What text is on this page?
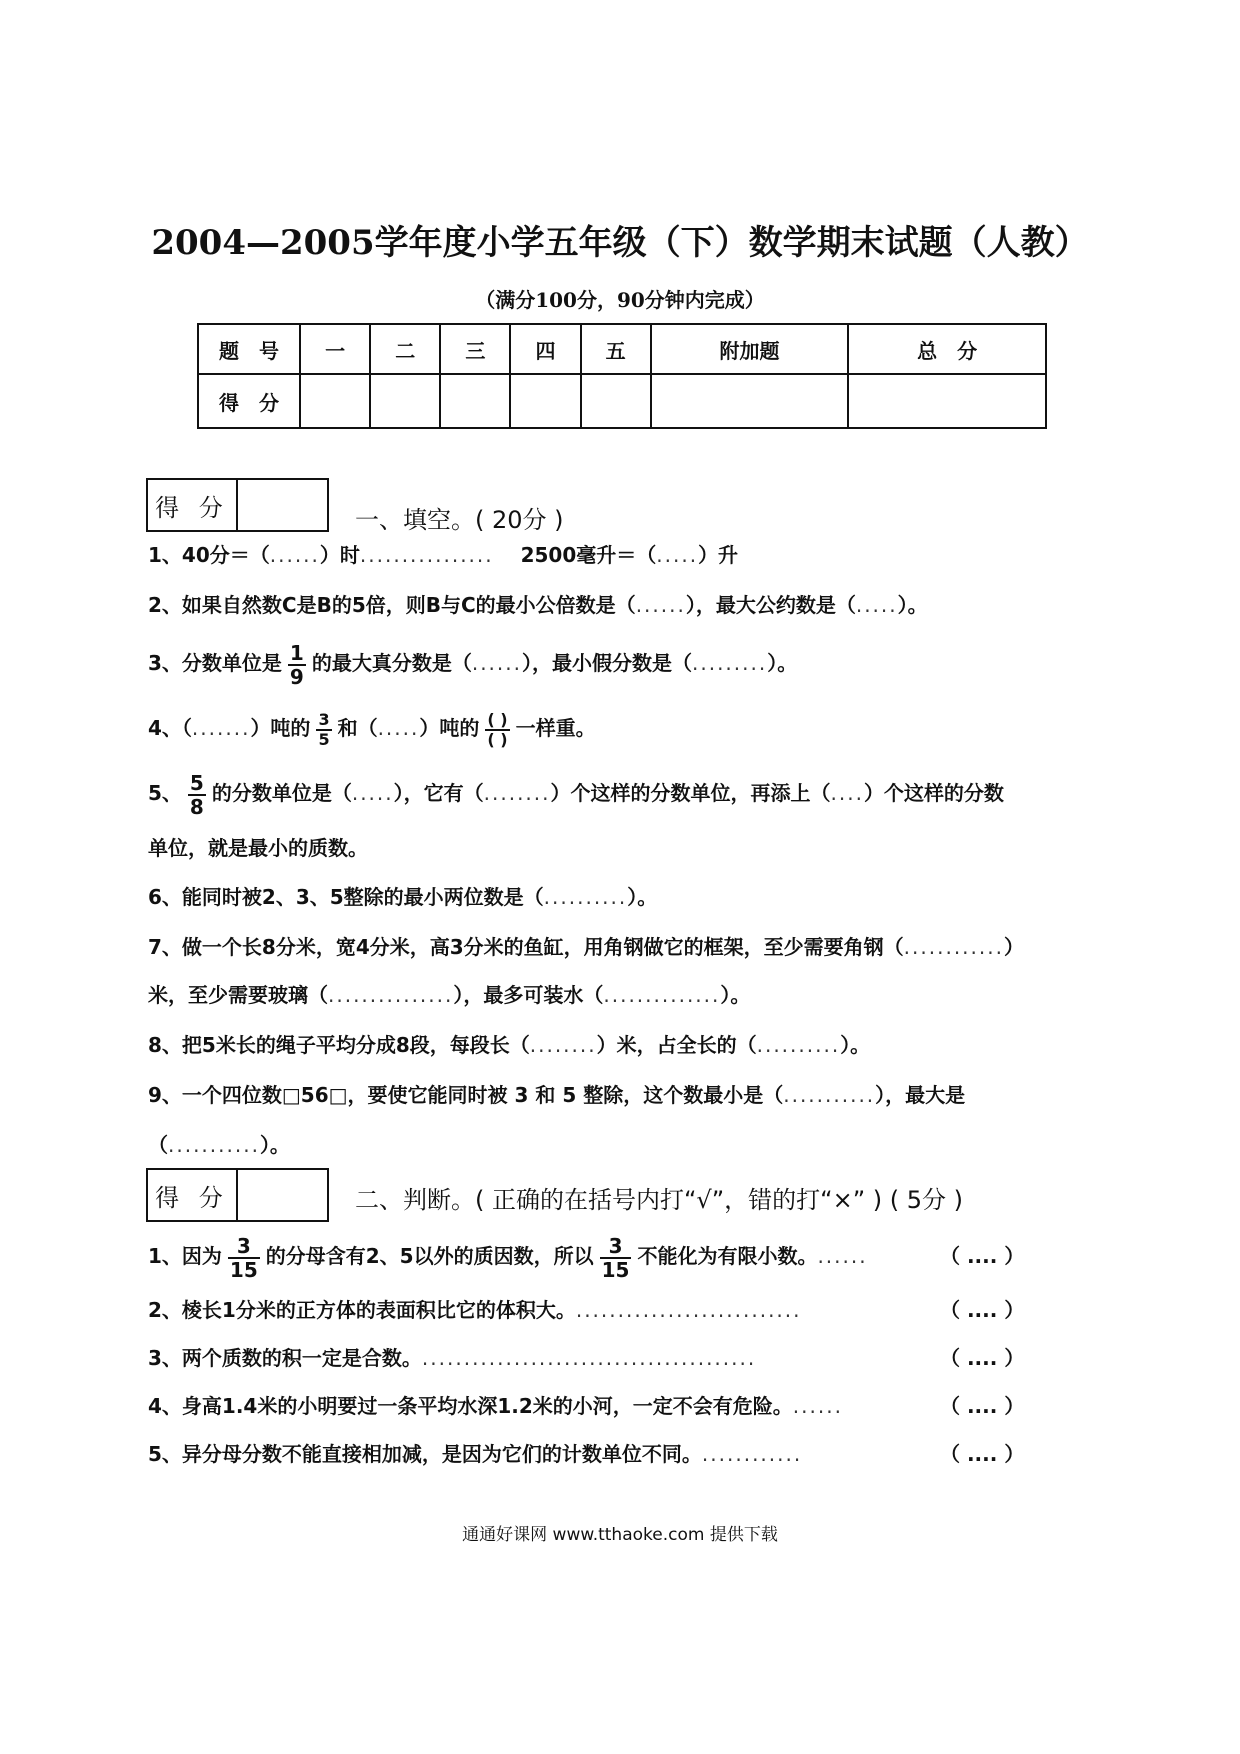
2004—2005学年度小学五年级（下）数学期末试题（人教）
（满分100分，90分钟内完成）
题　号	一	二	三	四	五	附加题	总　分
得　分							
得 分	一、填空。( 20分 )
1、40分＝（......）时................ 2500毫升＝（.....）升
2、如果自然数C是B的5倍，则B与C的最小公倍数是（......），最大公约数是（.....）。
3、分数单位是 $\frac{1}{9}$ 的最大真分数是（......），最小假分数是（.........）。
4、（.......）吨的 $\frac{3}{5}$ 和（.....）吨的 $\frac{( )}{( )}$ 一样重。
5、 $\frac{5}{8}$ 的分数单位是（.....），它有（........）个这样的分数单位，再添上（....）个这样的分数
单位，就是最小的质数。
6、能同时被2、3、5整除的最小两位数是（..........）。
7、做一个长8分米，宽4分米，高3分米的鱼缸，用角钢做它的框架，至少需要角钢（............）
米，至少需要玻璃（...............），最多可装水（..............）。
8、把5米长的绳子平均分成8段，每段长（........）米，占全长的（..........）。
9、一个四位数□56□，要使它能同时被 3 和 5 整除，这个数最小是（...........），最大是
（...........）。
得 分	二、判断。( 正确的在括号内打“√”，错的打“×” ) ( 5分 )
1、因为 $\frac{3}{15}$ 的分母含有2、5以外的质因数，所以 $\frac{3}{15}$ 不能化为有限小数。......	（ .... ）
2、棱长1分米的正方体的表面积比它的体积大。...........................	（ .... ）
3、两个质数的积一定是合数。........................................	（ .... ）
4、身高1.4米的小明要过一条平均水深1.2米的小河，一定不会有危险。......	（ .... ）
5、异分母分数不能直接相加减，是因为它们的计数单位不同。............	（ .... ）
通通好课网 www.tthaoke.com 提供下载
